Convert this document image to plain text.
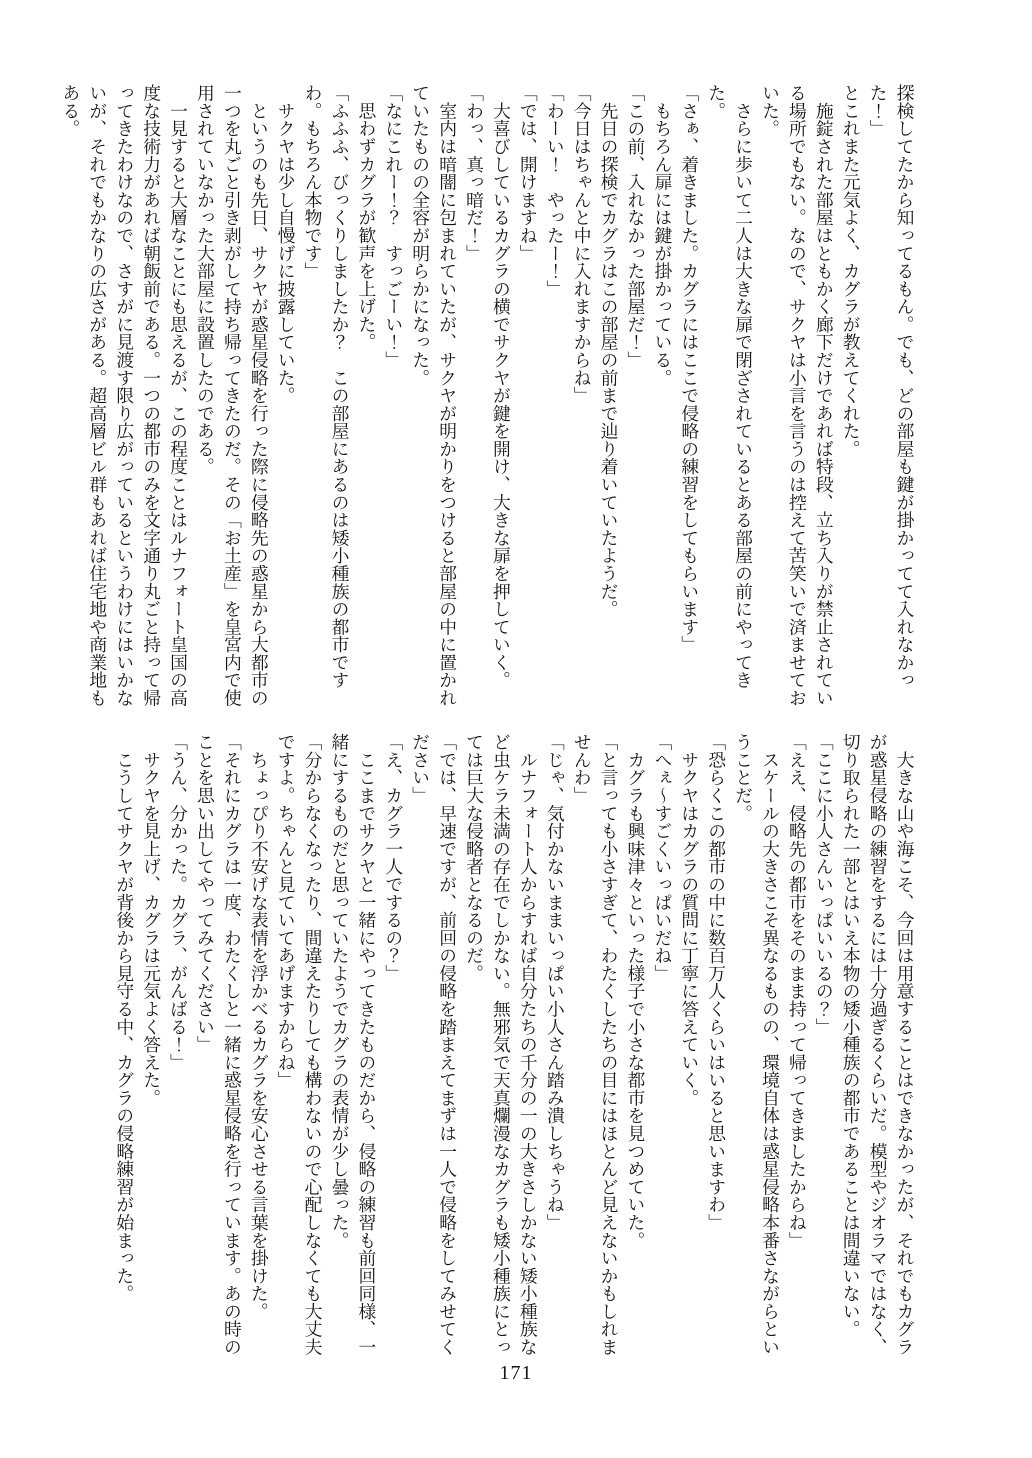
探検してたから知ってるもん。でも、どの部屋も鍵が掛かってて入れなかった！」

とこれまた元気よく、カグラが教えてくれた。

　施錠された部屋はともかく廊下だけであれば特段、立ち入りが禁止されている場所でもない。なので、サクヤは小言を言うのは控えて苦笑いで済ませておいた。

　さらに歩いて二人は大きな扉で閉ざされているとある部屋の前にやってきた。

「さぁ、着きました。カグラにはここで侵略の練習をしてもらいます」

　もちろん扉には鍵が掛かっている。

「この前、入れなかった部屋だ！」

　先日の探検でカグラはこの部屋の前まで辿り着いていたようだ。

「今日はちゃんと中に入れますからね」

「わーい！　やったー！」

「では、開けますね」

　大喜びしているカグラの横でサクヤが鍵を開け、大きな扉を押していく。

「わっ、真っ暗だ！」

　室内は暗闇に包まれていたが、サクヤが明かりをつけると部屋の中に置かれていたものの全容が明らかになった。

「なにこれー！？　すっごーい！」

　思わずカグラが歓声を上げた。

「ふふふ、びっくりしましたか？　この部屋にあるのは矮小種族の都市ですわ。もちろん本物です」

　サクヤは少し自慢げに披露していた。

　というのも先日、サクヤが惑星侵略を行った際に侵略先の惑星から大都市の一つを丸ごと引き剥がして持ち帰ってきたのだ。その「お土産」を皇宮内で使用されていなかった大部屋に設置したのである。

　一見すると大層なことにも思えるが、この程度ことはルナフォート皇国の高度な技術力があれば朝飯前である。一つの都市のみを文字通り丸ごと持って帰ってきたわけなので、さすがに見渡す限り広がっているというわけにはいかないが、それでもかなりの広さがある。超高層ビル群もあれば住宅地や商業地もある。

　大きな山や海こそ、今回は用意することはできなかったが、それでもカグラが惑星侵略の練習をするには十分過ぎるくらいだ。模型やジオラマではなく、切り取られた一部とはいえ本物の矮小種族の都市であることは間違いない。

「ここに小人さんいっぱいいるの？」

「ええ、侵略先の都市をそのまま持って帰ってきましたからね」

　スケールの大きさこそ異なるものの、環境自体は惑星侵略本番さながらということだ。

「恐らくこの都市の中に数百万人くらいはいると思いますわ」

　サクヤはカグラの質問に丁寧に答えていく。

「へぇ～すごくいっぱいだね」

　カグラも興味津々といった様子で小さな都市を見つめていた。

「と言っても小さすぎて、わたくしたちの目にはほとんど見えないかもしれませんわ」

「じゃ、気付かないままいっぱい小人さん踏み潰しちゃうね」

　ルナフォート人からすれば自分たちの千分の一の大きさしかない矮小種族など虫ケラ未満の存在でしかない。無邪気で天真爛漫なカグラも矮小種族にとっては巨大な侵略者となるのだ。

「では、早速ですが、前回の侵略を踏まえてまずは一人で侵略をしてみせてください」

「え、カグラ一人でするの？」

　ここまでサクヤと一緒にやってきたものだから、侵略の練習も前回同様、一緒にするものだと思っていたようでカグラの表情が少し曇った。

「分からなくなったり、間違えたりしても構わないので心配しなくても大丈夫ですよ。ちゃんと見ていてあげますからね」

　ちょっぴり不安げな表情を浮かべるカグラを安心させる言葉を掛けた。

「それにカグラは一度、わたくしと一緒に惑星侵略を行っています。あの時のことを思い出してやってみてください」

「うん、分かった。カグラ、がんばる！」

　サクヤを見上げ、カグラは元気よく答えた。

　こうしてサクヤが背後から見守る中、カグラの侵略練習が始まった。

171
